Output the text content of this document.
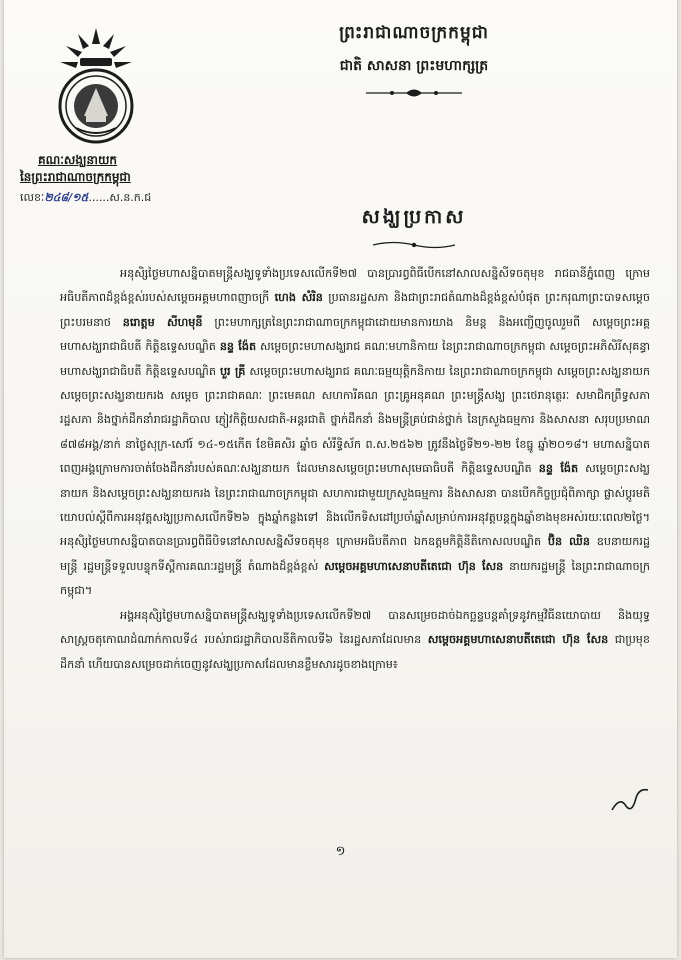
គណៈសង្ឃនាយក
នៃព្រះរាជាណាចក្រកម្ពុជា
លេខៈ២៤៨/១៥......ស.ន.ក.ជ
ព្រះរាជាណាចក្រកម្ពុជា
ជាតិ សាសនា ព្រះមហាក្សត្រ
សង្ឃប្រកាស

អនុសិ្សថ្ងៃមហាសន្និបាតមន្ត្រីសង្ឃទូទាំងប្រទេសលើកទី២៧ បានប្រារព្ធពិធីបើកនៅសាលសន្និសីទចតុមុខ រាជធានីភ្នំពេញ ក្រោមអធិបតីភាពដ៏ខ្ពង់ខ្ពស់របស់សម្តេចអគ្គមហាពញាចក្រី ហេង សំរិន ប្រធានរដ្ឋសភា និងជាព្រះរាជតំណាងដ៏ខ្ពង់ខ្ពស់បំផុត ព្រះករុណាព្រះបាទសម្តេចព្រះបរមនាថ នរោត្តម សីហមុនី ព្រះមហាក្សត្រនៃព្រះរាជាណាចក្រកម្ពុជាដោយមានការយាង និមន្ត និងអញ្ជើញចូលរួមពី សម្តេចព្រះអគ្គមហាសង្ឃរាជាធិបតី កិត្តិឧទ្ទេសបណ្ឌិត នន្ទ ង៉ែត សម្តេចព្រះមហាសង្ឃរាជ គណៈមហានិកាយ នៃព្រះរាជាណាចក្រកម្ពុជា សម្តេចព្រះអភិសិរីសុគន្ធាមហាសង្ឃរាជាធិបតី កិត្តិឧទ្ទេសបណ្ឌិត បួរ គ្រី សម្តេចព្រះមហាសង្ឃរាជ គណៈធម្មយុត្តិកនិកាយ នៃព្រះរាជាណាចក្រកម្ពុជា សម្តេចព្រះសង្ឃនាយក សម្តេចព្រះសង្ឃនាយករង សម្តេច ព្រះរាជាគណៈ ព្រះមេគណ សហការីគណ ព្រះគ្រូអនុគណ ព្រះមន្ត្រីសង្ឃ ព្រះថេរានុត្ថេរៈ សមាជិកព្រឹទ្ធសភា រដ្ឋសភា និងថ្នាក់ដឹកនាំរាជរដ្ឋាភិបាល ភ្ញៀវកិត្តិយសជាតិ-អន្តរជាតិ ថ្នាក់ដឹកនាំ និងមន្ត្រីគ្រប់ជាន់ថ្នាក់ នៃក្រសួងធម្មការ និងសាសនា សរុបប្រមាណ ៨៧៨អង្គ/នាក់ នាថ្ងៃសុក្រ-សៅរ៍ ១៤-១៥កើត ខែមិគសិរ ឆ្នាំច សំរឹទ្ធិស័ក ព.ស.២៥៦២ ត្រូវនឹងថ្ងៃទី២១-២២ ខែធ្នូ ឆ្នាំ២០១៨។ មហាសន្និបាតពេញអង្គក្រោមការចាត់ចែងដឹកនាំរបស់គណៈសង្ឃនាយក ដែលមានសម្តេចព្រះមហាសុមេធាធិបតី កិត្តិឧទ្ទេសបណ្ឌិត នន្ទ ង៉ែត សម្តេចព្រះសង្ឃនាយក និងសម្តេចព្រះសង្ឃនាយករង នៃព្រះរាជាណាចក្រកម្ពុជា សហការជាមួយក្រសួងធម្មការ និងសាសនា បានបើកកិច្ចប្រជុំពិភាក្សា ផ្លាស់ប្តូរមតិយោបល់ស្តីពីការអនុវត្តសង្ឃប្រកាសលើកទី២៦ ក្នុងឆ្នាំកន្លងទៅ និងលើកទិសដៅប្រចាំឆ្នាំសម្រាប់ការអនុវត្តបន្តក្នុងឆ្នាំខាងមុខអស់រយៈពេល២ថ្ងៃ។ អនុសិ្សថ្ងៃមហាសន្និបាតបានប្រារព្ធពិធីបិទនៅសាលសន្និសីទចតុមុខ ក្រោមអធិបតីភាព ឯកឧត្តមកិត្តិនីតិកោសលបណ្ឌិត ប៊ិន ឈិន ឧបនាយករដ្ឋមន្ត្រី រដ្ឋមន្ត្រីទទួលបន្ទុកទីស្តីការគណៈរដ្ឋមន្ត្រី តំណាងដ៏ខ្ពង់ខ្ពស់ សម្តេចអគ្គមហាសេនាបតីតេជោ ហ៊ុន សែន នាយករដ្ឋមន្ត្រី នៃព្រះរាជាណាចក្រកម្ពុជា។

អង្គអនុសិ្សថ្ងៃមហាសន្និបាតមន្ត្រីសង្ឃទូទាំងប្រទេសលើកទី២៧ បានសម្រេចដាច់ឯកច្ឆន្ទបន្តគាំទ្រនូវកម្មវិធីនយោបាយ និងយុទ្ធសាស្ត្រចតុកោណដំណាក់កាលទី៤ របស់រាជរដ្ឋាភិបាលនីតិកាលទី៦ នៃរដ្ឋសភាដែលមាន សម្តេចអគ្គមហាសេនាបតីតេជោ ហ៊ុន សែន ជាប្រមុខដឹកនាំ ហើយបានសម្រេចដាក់ចេញនូវសង្ឃប្រកាសដែលមានខ្លឹមសារដូចខាងក្រោម៖

១
